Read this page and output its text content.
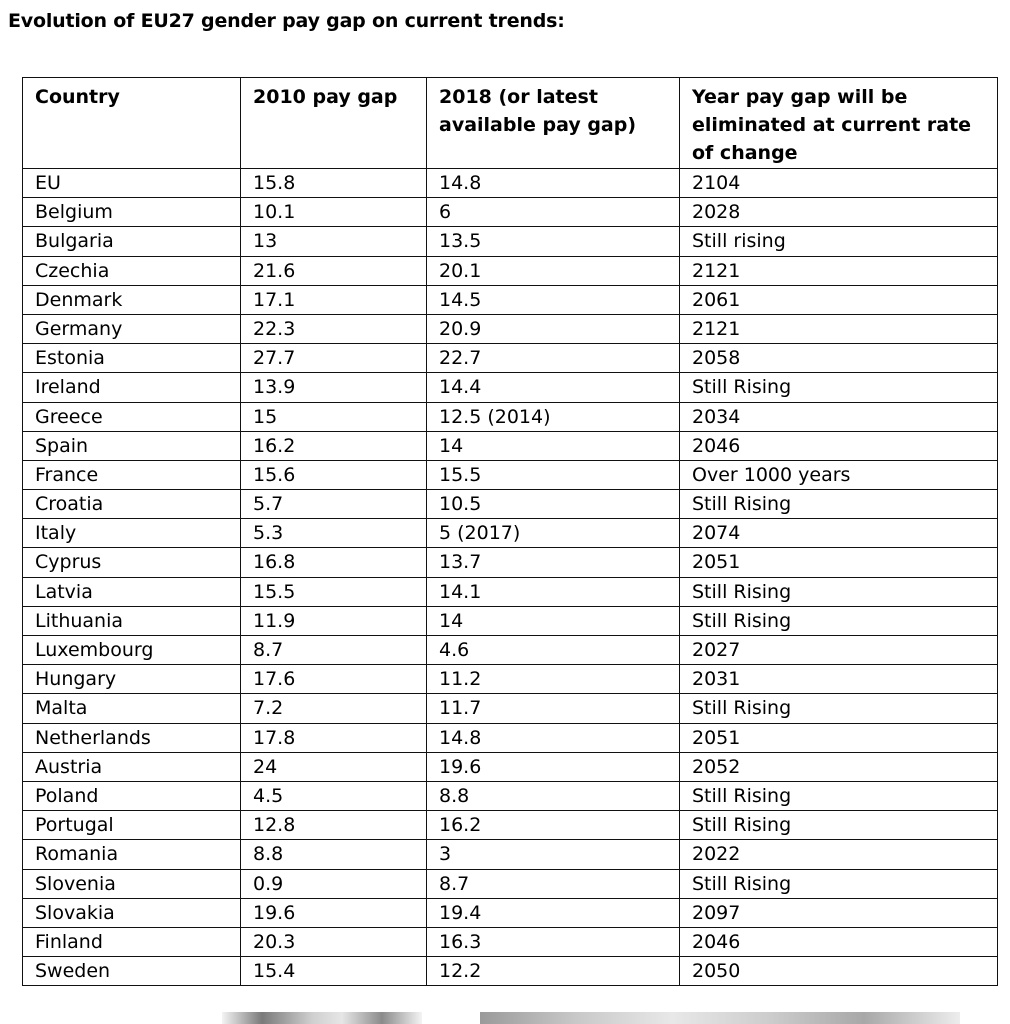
Evolution of EU27 gender pay gap on current trends:
Country	2010 pay gap	2018 (or latest available pay gap)	Year pay gap will be eliminated at current rate of change
EU	15.8	14.8	2104
Belgium	10.1	6	2028
Bulgaria	13	13.5	Still rising
Czechia	21.6	20.1	2121
Denmark	17.1	14.5	2061
Germany	22.3	20.9	2121
Estonia	27.7	22.7	2058
Ireland	13.9	14.4	Still Rising
Greece	15	12.5 (2014)	2034
Spain	16.2	14	2046
France	15.6	15.5	Over 1000 years
Croatia	5.7	10.5	Still Rising
Italy	5.3	5 (2017)	2074
Cyprus	16.8	13.7	2051
Latvia	15.5	14.1	Still Rising
Lithuania	11.9	14	Still Rising
Luxembourg	8.7	4.6	2027
Hungary	17.6	11.2	2031
Malta	7.2	11.7	Still Rising
Netherlands	17.8	14.8	2051
Austria	24	19.6	2052
Poland	4.5	8.8	Still Rising
Portugal	12.8	16.2	Still Rising
Romania	8.8	3	2022
Slovenia	0.9	8.7	Still Rising
Slovakia	19.6	19.4	2097
Finland	20.3	16.3	2046
Sweden	15.4	12.2	2050
